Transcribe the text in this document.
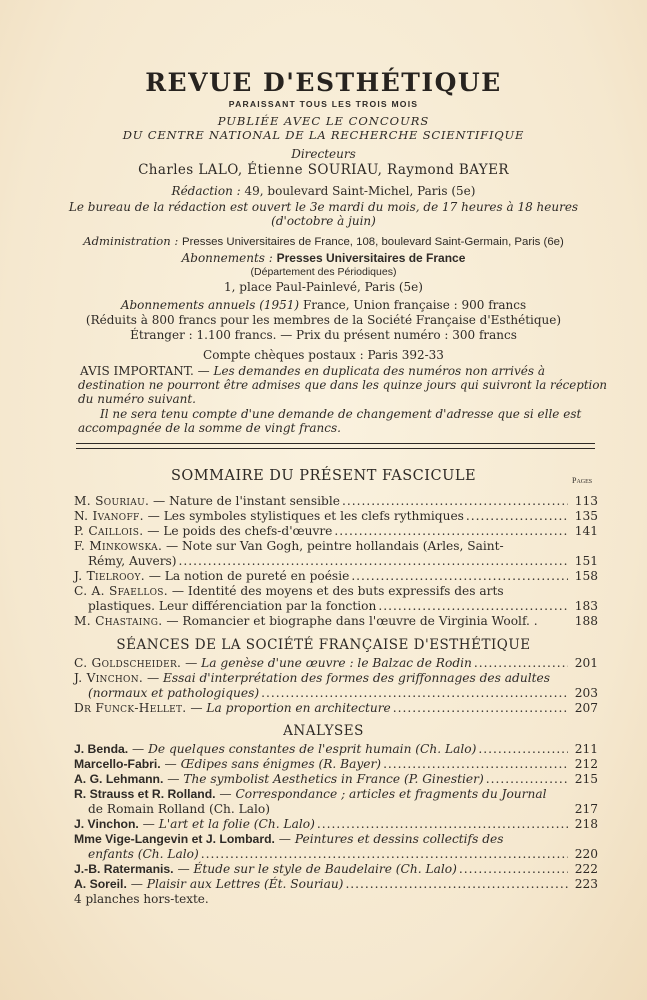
REVUE D'ESTHÉTIQUE
PARAISSANT TOUS LES TROIS MOIS
PUBLIÉE AVEC LE CONCOURS
DU CENTRE NATIONAL DE LA RECHERCHE SCIENTIFIQUE
Directeurs
Charles LALO, Étienne SOURIAU, Raymond BAYER
Rédaction : 49, boulevard Saint-Michel, Paris (5e)
Le bureau de la rédaction est ouvert le 3e mardi du mois, de 17 heures à 18 heures
(d'octobre à juin)
Administration : Presses Universitaires de France, 108, boulevard Saint-Germain, Paris (6e)
Abonnements : Presses Universitaires de France
(Département des Périodiques)
1, place Paul-Painlevé, Paris (5e)
Abonnements annuels (1951) France, Union française : 900 francs
(Réduits à 800 francs pour les membres de la Société Française d'Esthétique)
Étranger : 1.100 francs. — Prix du présent numéro : 300 francs
Compte chèques postaux : Paris 392-33
AVIS IMPORTANT. — Les demandes en duplicata des numéros non arrivés à
destination ne pourront être admises que dans les quinze jours qui suivront la réception
du numéro suivant.
Il ne sera tenu compte d'une demande de changement d'adresse que si elle est
accompagnée de la somme de vingt francs.
SOMMAIRE DU PRÉSENT FASCICULE	Pages
M. Souriau. — Nature de l'instant sensible .....	113
N. Ivanoff. — Les symboles stylistiques et les clefs rythmiques .....	135
P. Caillois. — Le poids des chefs-d'œuvre .....	141
F. Minkowska. — Note sur Van Gogh, peintre hollandais (Arles, Saint-
Rémy, Auvers) .....	151
J. Tielrooy. — La notion de pureté en poésie .....	158
C. A. Sfaellos. — Identité des moyens et des buts expressifs des arts
plastiques. Leur différenciation par la fonction .....	183
M. Chastaing. — Romancier et biographe dans l'œuvre de Virginia Woolf. .	188
SÉANCES DE LA SOCIÉTÉ FRANÇAISE D'ESTHÉTIQUE
C. Goldscheider. — La genèse d'une œuvre : le Balzac de Rodin .....	201
J. Vinchon. — Essai d'interprétation des formes des griffonnages des adultes
(normaux et pathologiques) .....	203
Dr Funck-Hellet. — La proportion en architecture .....	207
ANALYSES
J. Benda. — De quelques constantes de l'esprit humain (Ch. Lalo) .....	211
Marcello-Fabri. — Œdipes sans énigmes (R. Bayer) .....	212
A. G. Lehmann. — The symbolist Aesthetics in France (P. Ginestier) .....	215
R. Strauss et R. Rolland. — Correspondance ; articles et fragments du Journal
de Romain Rolland (Ch. Lalo)	217
J. Vinchon. — L'art et la folie (Ch. Lalo) .....	218
Mme Vige-Langevin et J. Lombard. — Peintures et dessins collectifs des
enfants (Ch. Lalo) .....	220
J.-B. Ratermanis. — Étude sur le style de Baudelaire (Ch. Lalo) .....	222
A. Soreil. — Plaisir aux Lettres (Ét. Souriau) .....	223
4 planches hors-texte.
